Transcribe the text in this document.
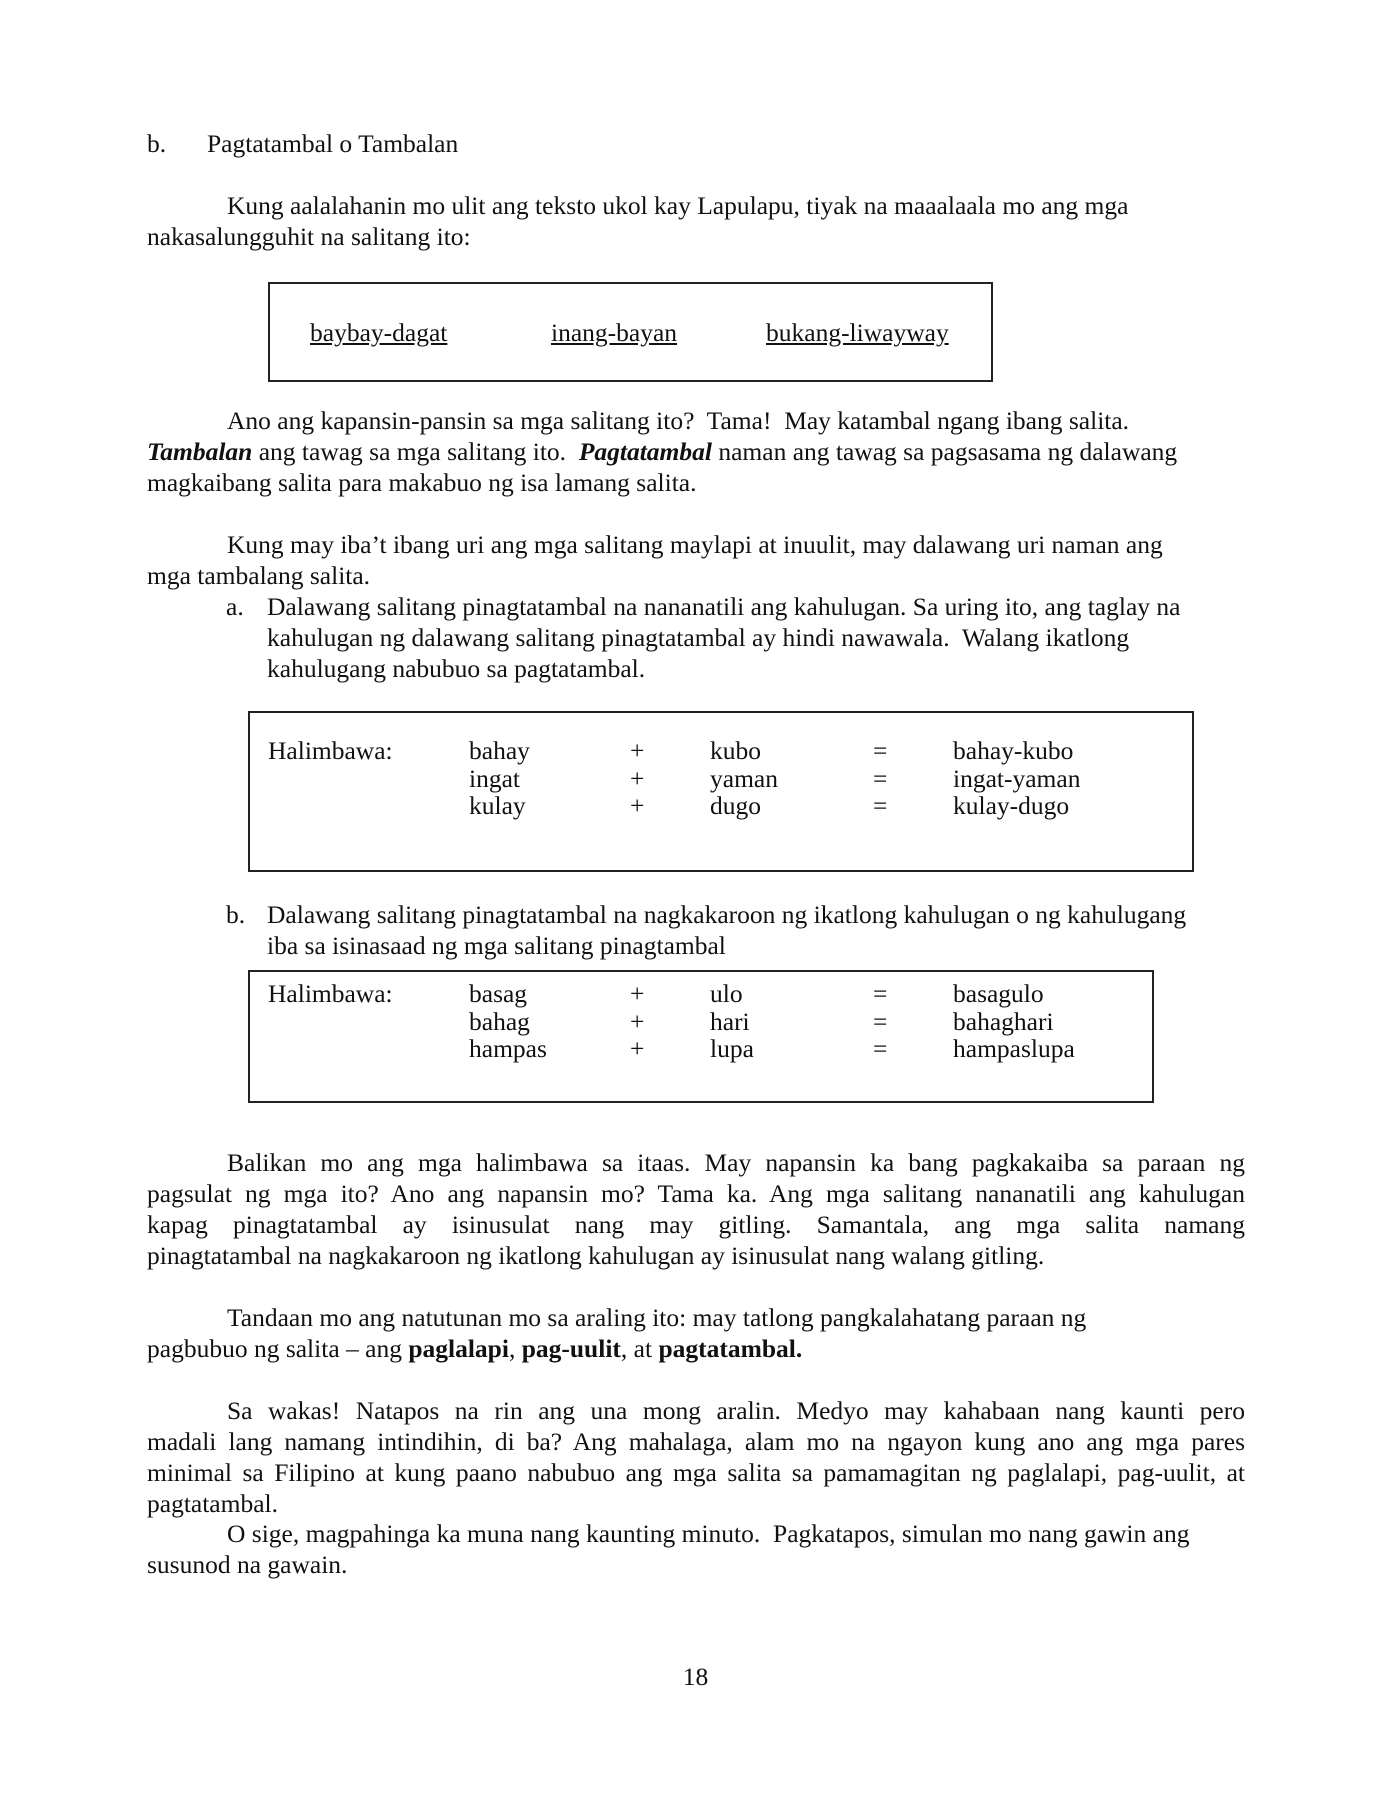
b. Pagtatambal o Tambalan
Kung aalalahanin mo ulit ang teksto ukol kay Lapulapu, tiyak na maaalaala mo ang mga
nakasalungguhit na salitang ito:
baybay-dagat	inang-bayan	bukang-liwayway
Ano ang kapansin-pansin sa mga salitang ito?  Tama!  May katambal ngang ibang salita.
Tambalan ang tawag sa mga salitang ito.  Pagtatambal naman ang tawag sa pagsasama ng dalawang
magkaibang salita para makabuo ng isa lamang salita.
Kung may iba’t ibang uri ang mga salitang maylapi at inuulit, may dalawang uri naman ang
mga tambalang salita.
a. Dalawang salitang pinagtatambal na nananatili ang kahulugan. Sa uring ito, ang taglay na
kahulugan ng dalawang salitang pinagtatambal ay hindi nawawala.  Walang ikatlong
kahulugang nabubuo sa pagtatambal.
Halimbawa:	bahay	+	kubo	=	bahay-kubo
ingat	+	yaman	=	ingat-yaman
kulay	+	dugo	=	kulay-dugo
b. Dalawang salitang pinagtatambal na nagkakaroon ng ikatlong kahulugan o ng kahulugang
iba sa isinasaad ng mga salitang pinagtambal
Halimbawa:	basag	+	ulo	=	basagulo
bahag	+	hari	=	bahaghari
hampas	+	lupa	=	hampaslupa
Balikan mo ang mga halimbawa sa itaas. May napansin ka bang pagkakaiba sa paraan ng
pagsulat ng mga ito? Ano ang napansin mo? Tama ka. Ang mga salitang nananatili ang kahulugan
kapag pinagtatambal ay isinusulat nang may gitling. Samantala, ang mga salita namang
pinagtatambal na nagkakaroon ng ikatlong kahulugan ay isinusulat nang walang gitling.
Tandaan mo ang natutunan mo sa araling ito: may tatlong pangkalahatang paraan ng
pagbubuo ng salita – ang paglalapi, pag-uulit, at pagtatambal.
Sa wakas! Natapos na rin ang una mong aralin. Medyo may kahabaan nang kaunti pero
madali lang namang intindihin, di ba? Ang mahalaga, alam mo na ngayon kung ano ang mga pares
minimal sa Filipino at kung paano nabubuo ang mga salita sa pamamagitan ng paglalapi, pag-uulit, at
pagtatambal.
O sige, magpahinga ka muna nang kaunting minuto.  Pagkatapos, simulan mo nang gawin ang
susunod na gawain.
18
